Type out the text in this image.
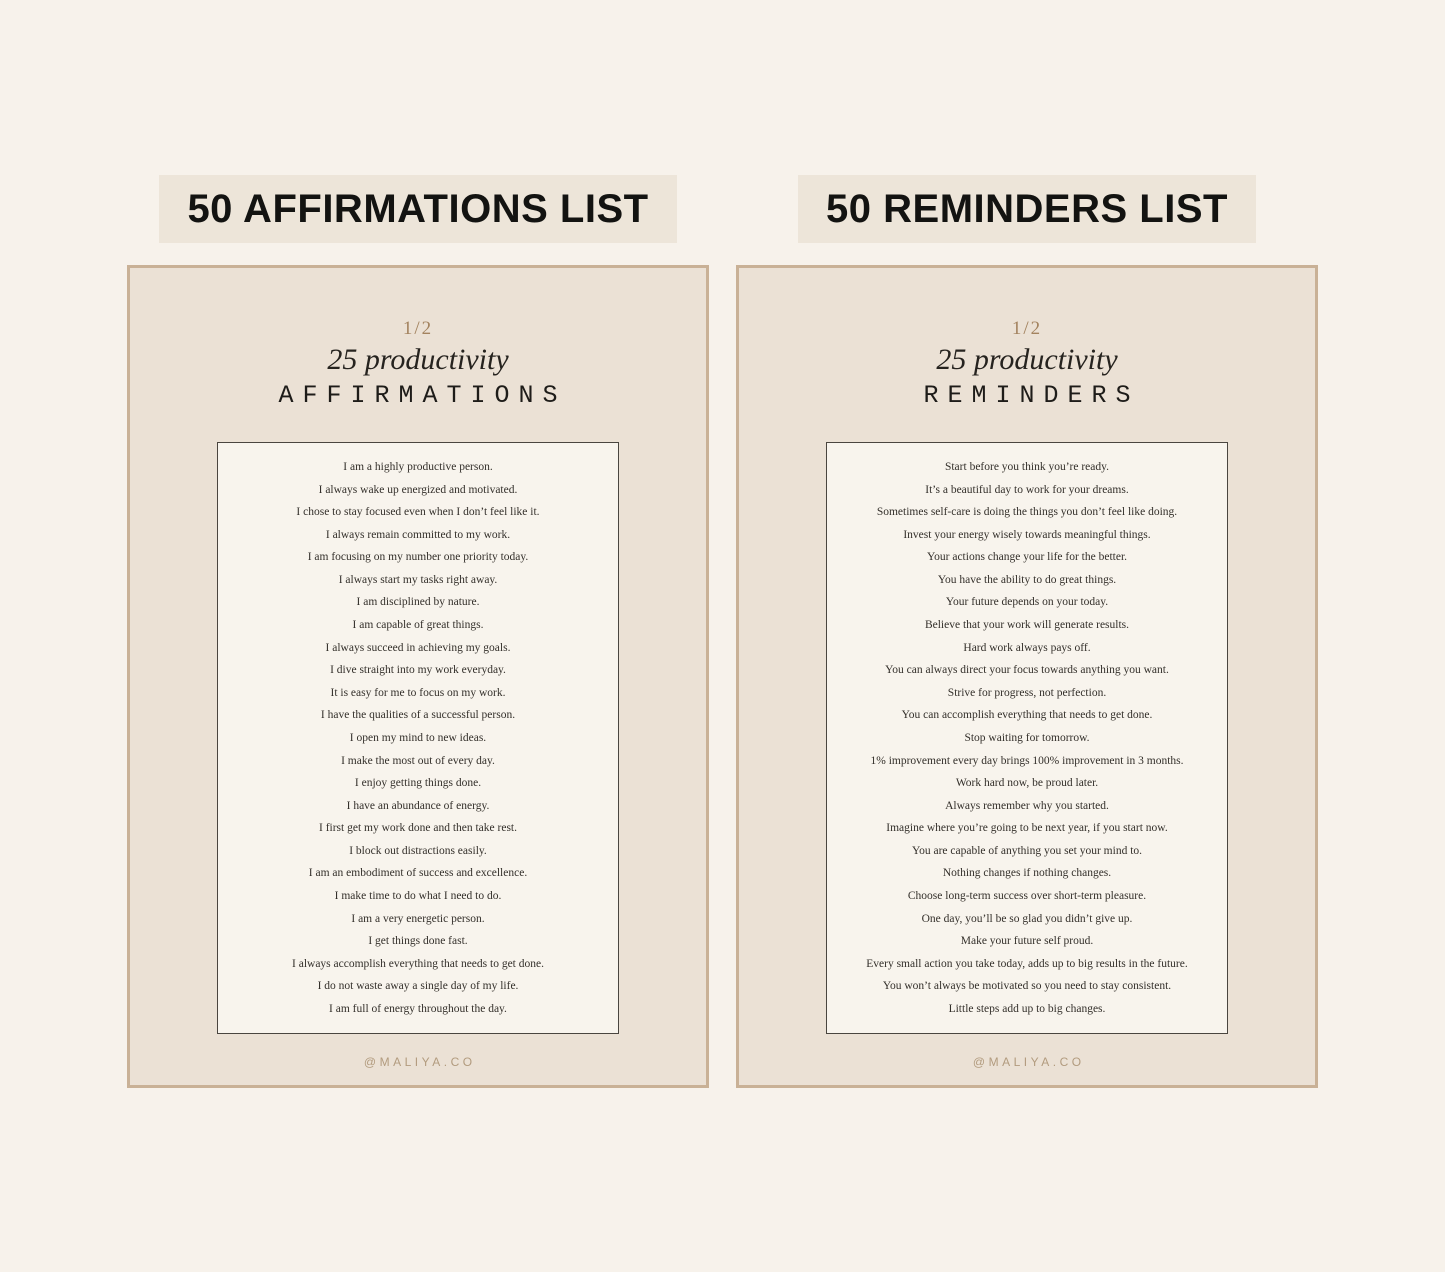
50 AFFIRMATIONS LIST
1/2
25 productivity
AFFIRMATIONS
I am a highly productive person.
I always wake up energized and motivated.
I chose to stay focused even when I don’t feel like it.
I always remain committed to my work.
I am focusing on my number one priority today.
I always start my tasks right away.
I am disciplined by nature.
I am capable of great things.
I always succeed in achieving my goals.
I dive straight into my work everyday.
It is easy for me to focus on my work.
I have the qualities of a successful person.
I open my mind to new ideas.
I make the most out of every day.
I enjoy getting things done.
I have an abundance of energy.
I first get my work done and then take rest.
I block out distractions easily.
I am an embodiment of success and excellence.
I make time to do what I need to do.
I am a very energetic person.
I get things done fast.
I always accomplish everything that needs to get done.
I do not waste away a single day of my life.
I am full of energy throughout the day.
@MALIYA.CO
50 REMINDERS LIST
1/2
25 productivity
REMINDERS
Start before you think you’re ready.
It’s a beautiful day to work for your dreams.
Sometimes self-care is doing the things you don’t feel like doing.
Invest your energy wisely towards meaningful things.
Your actions change your life for the better.
You have the ability to do great things.
Your future depends on your today.
Believe that your work will generate results.
Hard work always pays off.
You can always direct your focus towards anything you want.
Strive for progress, not perfection.
You can accomplish everything that needs to get done.
Stop waiting for tomorrow.
1% improvement every day brings 100% improvement in 3 months.
Work hard now, be proud later.
Always remember why you started.
Imagine where you’re going to be next year, if you start now.
You are capable of anything you set your mind to.
Nothing changes if nothing changes.
Choose long-term success over short-term pleasure.
One day, you’ll be so glad you didn’t give up.
Make your future self proud.
Every small action you take today, adds up to big results in the future.
You won’t always be motivated so you need to stay consistent.
Little steps add up to big changes.
@MALIYA.CO
